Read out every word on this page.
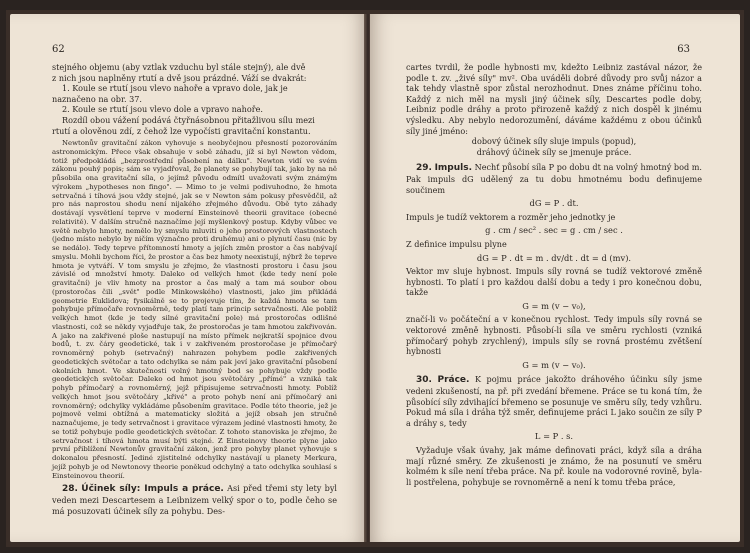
62

stejného objemu (aby vztlak vzduchu byl stále stejný), ale dvě

z nich jsou naplněny rtutí a dvě jsou prázdné. Váží se dvakrát:

1. Koule se rtutí jsou vlevo nahoře a vpravo dole, jak je

naznačeno na obr. 37.

2. Koule se rtutí jsou vlevo dole a vpravo nahoře.

Rozdíl obou vážení podává čtyřnásobnou přitažlivou sílu mezi

rtutí a olověnou zdí, z čehož lze vypočísti gravitační konstantu.

Newtonův gravitační zákon vyhovuje s neobyčejnou přesností pozorováním astronomickým. Přece však obsahuje v sobě záhadu, jíž si byl Newton vědom, totiž předpokládá „bezprostřední působení na dálku". Newton vidí ve svém zákonu pouhý popis; sám se vyjadřoval, že planety se pohybují tak, jako by na ně působila ona gravitační síla, o jejímž původu odmítl uvažovati svým známým výrokem „hypotheses non fingo". — Mimo to je velmi podivuhodno, že hmota setrvačná i tíhová jsou vždy stejné, jak se v Newton sám pokusy přesvědčil, až pro nás naprostou shodu není nijakého zřejmého důvodu. Obě tyto záhady dostávají vysvětlení teprve v moderní Einsteinově theorii gravitace (obecné relativitě). V dalším stručně naznačíme její myšlenkový postup. Kdyby vůbec ve světě nebylo hmoty, nemělo by smyslu mluviti o jeho prostorových vlastnostech (jedno místo nebylo by ničím význačno proti druhému) ani o plynutí času (nic by se nedálo). Tedy teprve přítomností hmoty a jejích změn prostor a čas nabývají smyslu. Mohli bychom říci, že prostor a čas bez hmoty neexistují, nýbrž že teprve hmota je vytváří. V tom smyslu je zřejmo, že vlastnosti prostoru i času jsou závislé od množství hmoty. Daleko od velkých hmot (kde tedy není pole gravitační) je vliv hmoty na prostor a čas malý a tam má soubor obou (prostoročas čili „svět" podle Minkowského) vlastnosti, jako jim přikládá geometrie Euklidova; fysikálně se to projevuje tím, že každá hmota se tam pohybuje přímočaře rovnoměrně, tedy platí tam princip setrvačnosti. Ale poblíž velkých hmot (kde je tedy silné gravitační pole) má prostoročas odlišné vlastnosti, což se někdy vyjadřuje tak, že prostoročas je tam hmotou zakřivován. A jako na zakřivené ploše nastupují na místo přímek nejkratší spojnice dvou bodů, t. zv. čáry geodetické, tak i v zakřiveném prostoročase je přímočarý rovnoměrný pohyb (setrvačný) nahrazen pohybem podle zakřivených geodetických světočar a tato odchylka se nám pak jeví jako gravitační působení okolních hmot. Ve skutečnosti volný hmotný bod se pohybuje vždy podle geodetických světočar. Daleko od hmot jsou světočáry „přímé" a vzniká tak pohyb přímočarý a rovnoměrný, jejž připisujeme setrvačnosti hmoty. Poblíž velkých hmot jsou světočáry „křivé" a proto pohyb není ani přímočarý ani rovnoměrný; odchylky vykládáme působením gravitace. Podle této theorie, jež je pojmově velmi obtížná a matematicky složitá a jejíž obsah jen stručně naznačujeme, je tedy setrvačnost i gravitace výrazem jediné vlastnosti hmoty, že se totiž pohybuje podle geodetických světočar. Z tohoto stanoviska je zřejmo, že setrvačnost i tíhová hmota musí býti stejné. Z Einsteinovy theorie plyne jako první přiblížení Newtonův gravitační zákon, jenž pro pohyby planet vyhovuje s dokonalou přesností. Jediné zjistitelné odchylky nastávají u planety Merkura, jejíž pohyb je od Newtonovy theorie poněkud odchylný a tato odchylka souhlasí s Einsteinovou theorií.

28. Účinek síly: Impuls a práce. Asi před třemi sty lety byl veden mezi Descartesem a Leibnizem velký spor o to, podle čeho se má posuzovati účinek síly za pohybu. Des-

63

cartes tvrdil, že podle hybnosti mv, kdežto Leibniz zastával názor, že podle t. zv. „živé síly" mv². Oba uváděli dobré důvody pro svůj názor a tak tehdy vlastně spor zůstal nerozhodnut. Dnes známe příčinu toho. Každý z nich měl na mysli jiný účinek síly, Descartes podle doby, Leibniz podle dráhy a proto přirozeně každý z nich dospěl k jinému výsledku. Aby nebylo nedorozumění, dáváme každému z obou účinků síly jiné jméno:

dobový účinek síly sluje impuls (popud),

dráhový účinek síly se jmenuje práce.

29. Impuls. Nechť působí síla P po dobu dt na volný hmotný bod m. Pak impuls dG udělený za tu dobu hmotnému bodu definujeme součinem

dG = P . dt.

Impuls je tudíž vektorem a rozměr jeho jednotky je

g . cm / sec² . sec = g . cm / sec .

Z definice impulsu plyne

dG = P . dt = m . dv/dt . dt = d (mv).

Vektor mv sluje hybnost. Impuls síly rovná se tudíž vektorové změně hybnosti. To platí i pro každou další dobu a tedy i pro konečnou dobu, takže

G = m (v − v₀),

značí-li v₀ počáteční a v konečnou rychlost. Tedy impuls síly rovná se vektorové změně hybnosti. Působí-li síla ve směru rychlosti (vzniká přímočarý pohyb zrychlený), impuls síly se rovná prostému zvětšení hybnosti

G = m (v − v₀).

30. Práce. K pojmu práce jakožto dráhového účinku síly jsme vedeni zkušeností, na př. při zvedání břemene. Práce se tu koná tím, že působící síly zdvihající břemeno se posunuje ve směru síly, tedy vzhůru. Pokud má síla i dráha týž směr, definujeme práci L jako součin ze síly P a dráhy s, tedy

L = P . s.

Vyžaduje však úvahy, jak máme definovati práci, když síla a dráha mají různé směry. Ze zkušenosti je známo, že na posunutí ve směru kolmém k síle není třeba práce. Na př. koule na vodorovné rovině, byla-li postřelena, pohybuje se rovnoměrně a není k tomu třeba práce,
